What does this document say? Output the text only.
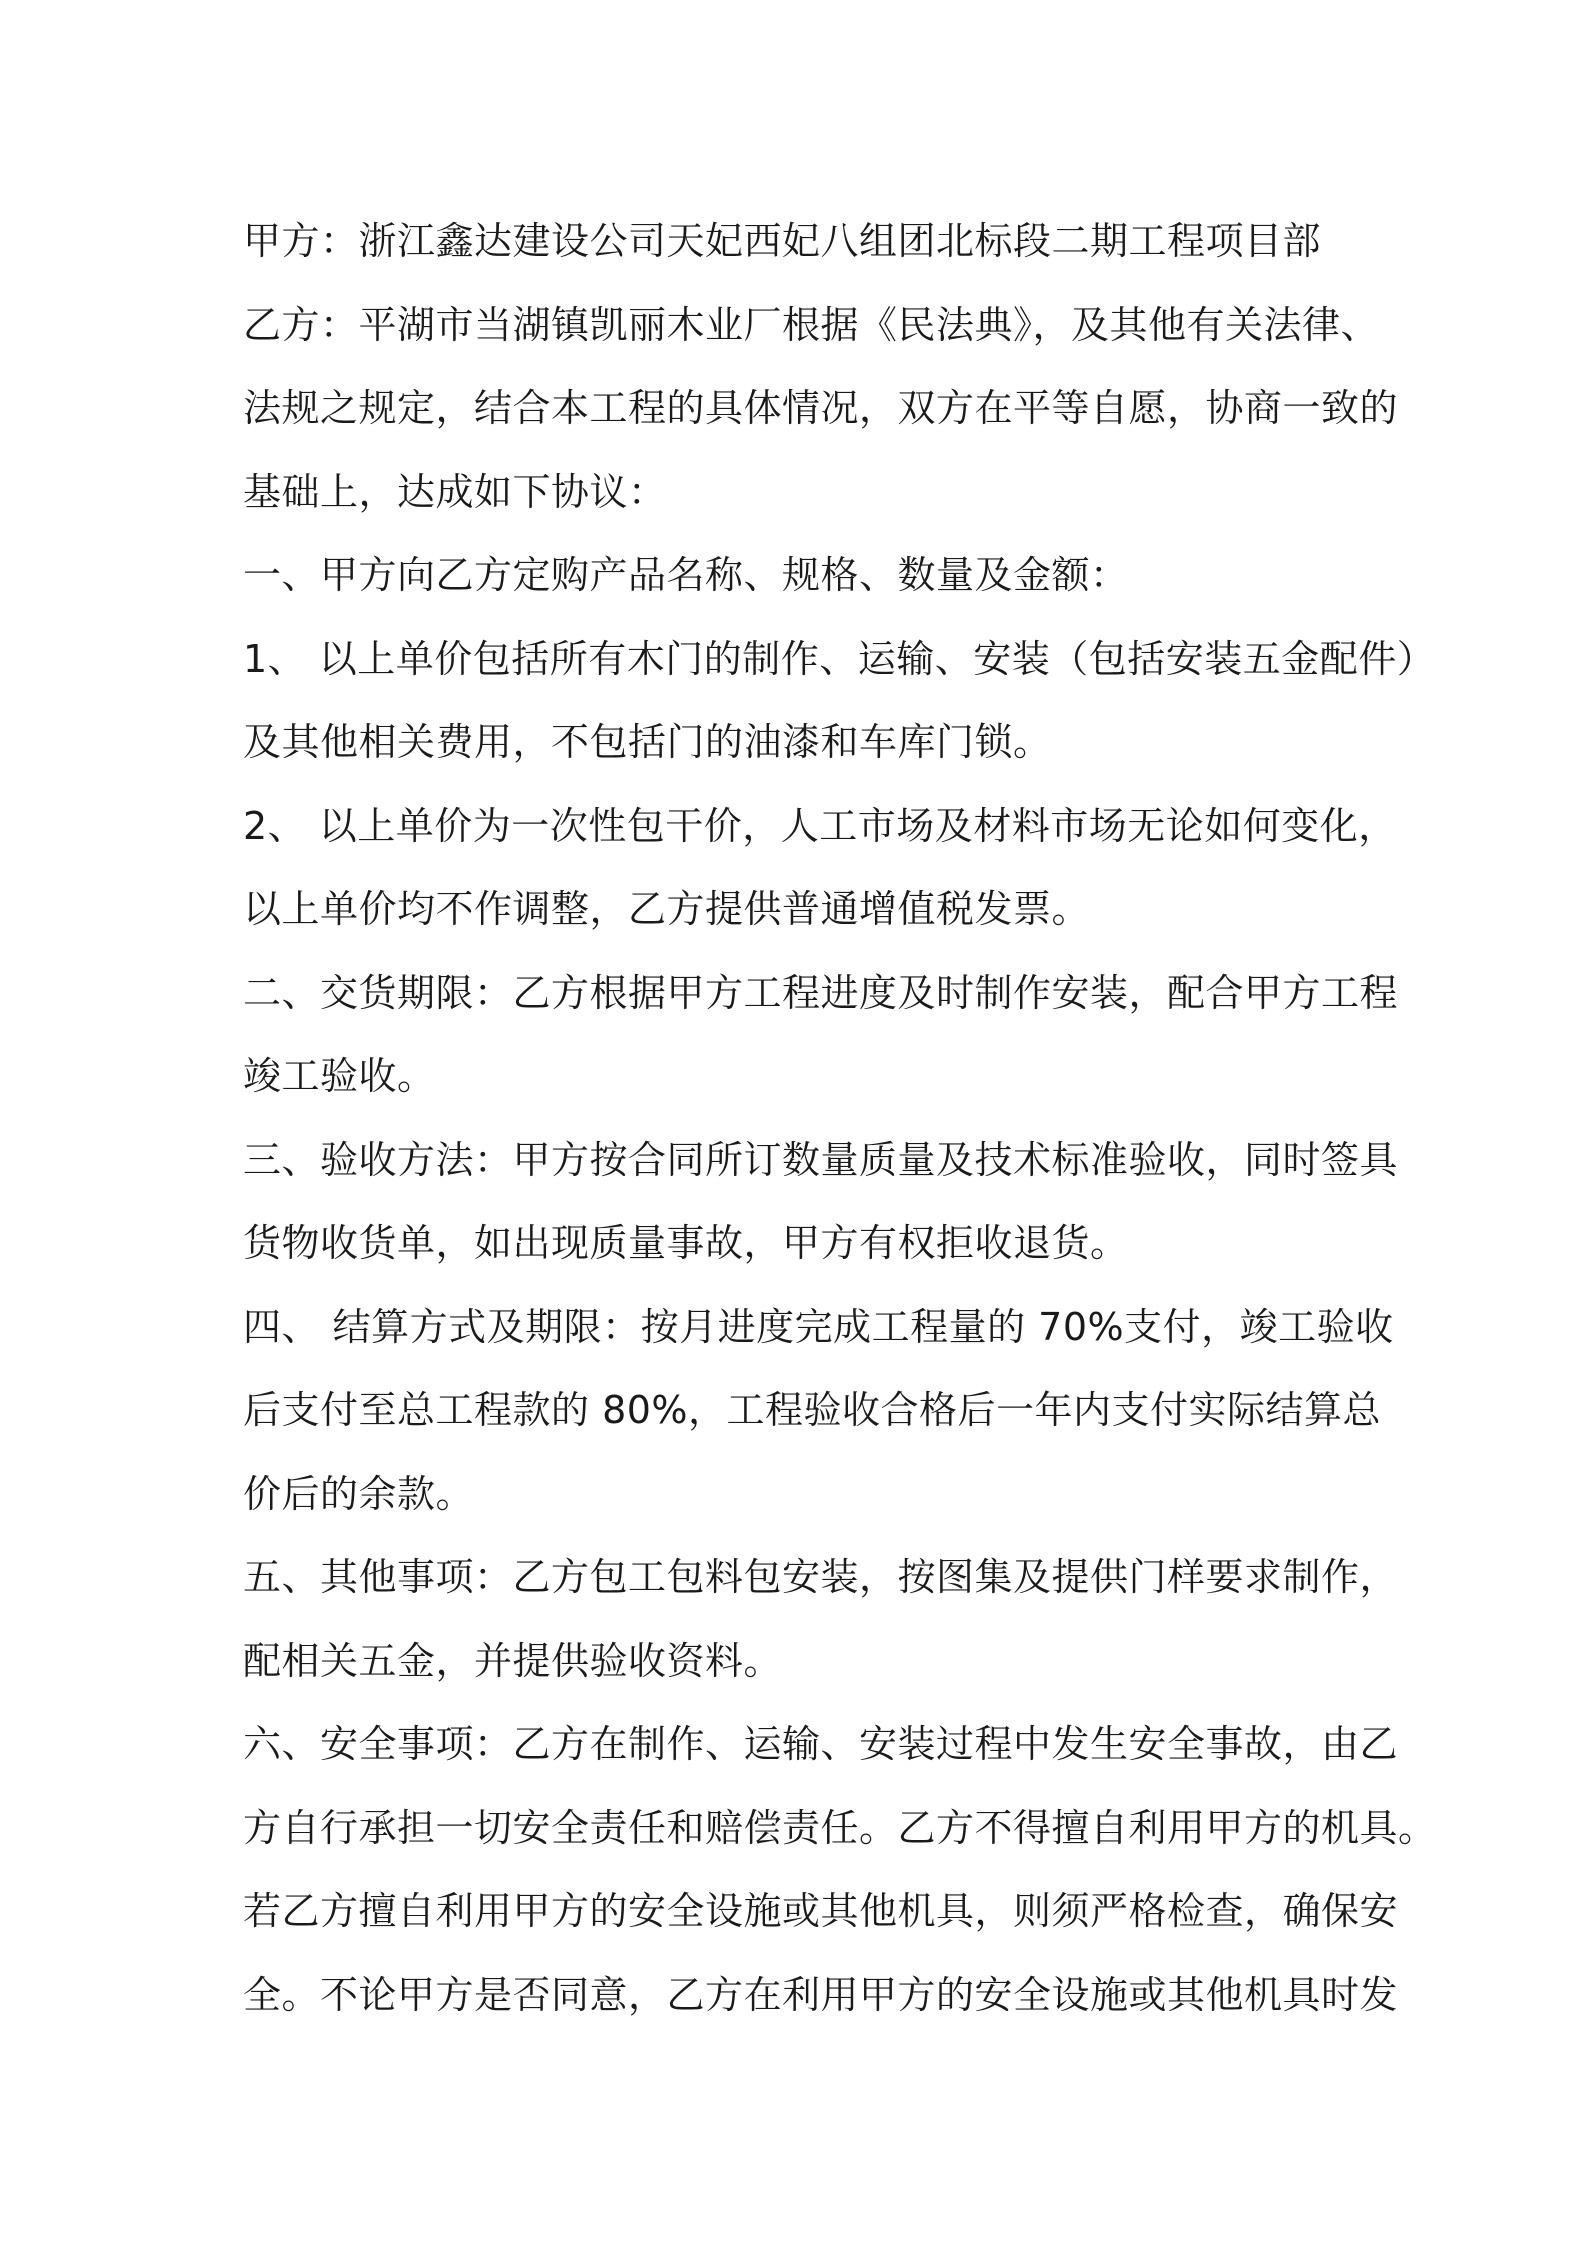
甲方：浙江鑫达建设公司天妃西妃八组团北标段二期工程项目部
乙方：平湖市当湖镇凯丽木业厂根据《民法典》，及其他有关法律、
法规之规定，结合本工程的具体情况，双方在平等自愿，协商一致的
基础上，达成如下协议：
一、甲方向乙方定购产品名称、规格、数量及金额：
1、 以上单价包括所有木门的制作、运输、安装（包括安装五金配件）
及其他相关费用，不包括门的油漆和车库门锁。
2、 以上单价为一次性包干价，人工市场及材料市场无论如何变化，
以上单价均不作调整，乙方提供普通增值税发票。
二、交货期限：乙方根据甲方工程进度及时制作安装，配合甲方工程
竣工验收。
三、验收方法：甲方按合同所订数量质量及技术标准验收，同时签具
货物收货单，如出现质量事故，甲方有权拒收退货。
四、 结算方式及期限：按月进度完成工程量的 70%支付，竣工验收
后支付至总工程款的 80%，工程验收合格后一年内支付实际结算总
价后的余款。
五、其他事项：乙方包工包料包安装，按图集及提供门样要求制作，
配相关五金，并提供验收资料。
六、安全事项：乙方在制作、运输、安装过程中发生安全事故，由乙
方自行承担一切安全责任和赔偿责任。乙方不得擅自利用甲方的机具。
若乙方擅自利用甲方的安全设施或其他机具，则须严格检查，确保安
全。不论甲方是否同意，乙方在利用甲方的安全设施或其他机具时发
